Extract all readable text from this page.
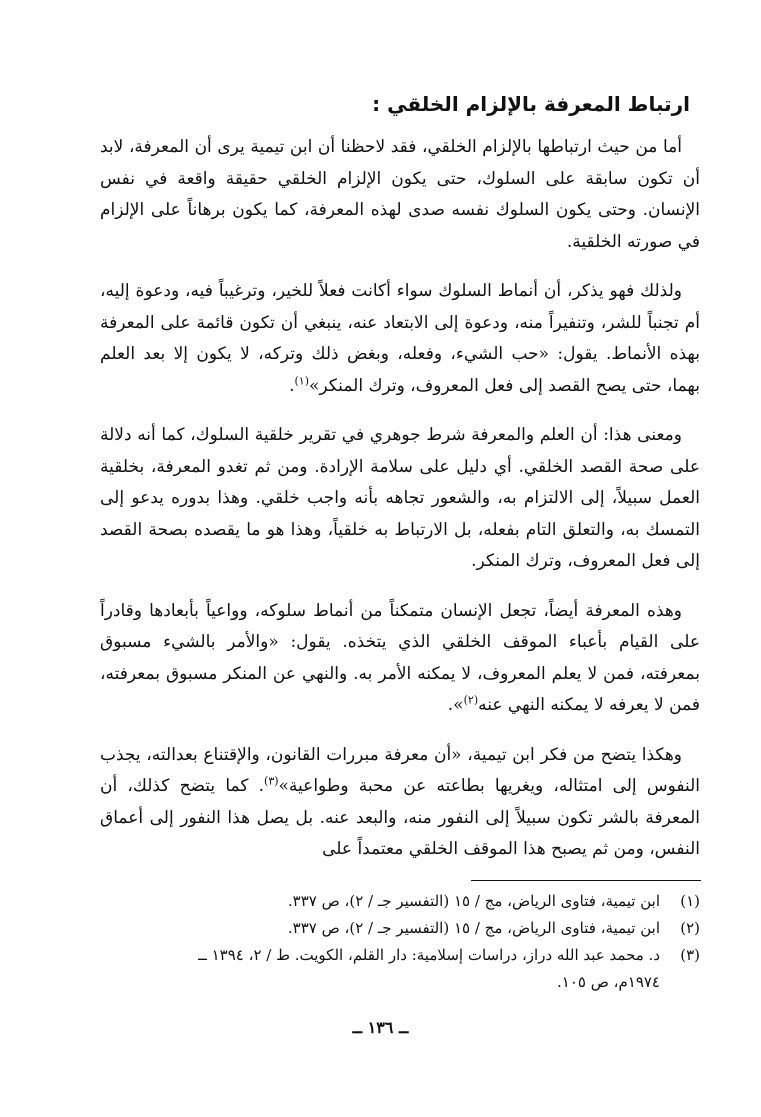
ارتباط المعرفة بالإلزام الخلقي :

أما من حيث ارتباطها بالإلزام الخلقي، فقد لاحظنا أن ابن تيمية يرى أن المعرفة، لابد أن تكون سابقة على السلوك، حتى يكون الإلزام الخلقي حقيقة واقعة في نفس الإنسان. وحتى يكون السلوك نفسه صدى لهذه المعرفة، كما يكون برهاناً على الإلزام في صورته الخلقية.

ولذلك فهو يذكر، أن أنماط السلوك سواء أكانت فعلاً للخير، وترغيباً فيه، ودعوة إليه، أم تجنباً للشر، وتنفيراً منه، ودعوة إلى الابتعاد عنه، ينبغي أن تكون قائمة على المعرفة بهذه الأنماط. يقول: «حب الشيء، وفعله، وبغض ذلك وتركه، لا يكون إلا بعد العلم بهما، حتى يصح القصد إلى فعل المعروف، وترك المنكر»$^{(١)}$.

ومعنى هذا: أن العلم والمعرفة شرط جوهري في تقرير خلقية السلوك، كما أنه دلالة على صحة القصد الخلقي. أي دليل على سلامة الإرادة. ومن ثم تغدو المعرفة، بخلقية العمل سبيلاً، إلى الالتزام به، والشعور تجاهه بأنه واجب خلقي. وهذا بدوره يدعو إلى التمسك به، والتعلق التام بفعله، بل الارتباط به خلقياً، وهذا هو ما يقصده بصحة القصد إلى فعل المعروف، وترك المنكر.

وهذه المعرفة أيضاً، تجعل الإنسان متمكناً من أنماط سلوكه، وواعياً بأبعادها وقادراً على القيام بأعباء الموقف الخلقي الذي يتخذه. يقول: «والأمر بالشيء مسبوق بمعرفته، فمن لا يعلم المعروف، لا يمكنه الأمر به. والنهي عن المنكر مسبوق بمعرفته، فمن لا يعرفه لا يمكنه النهي عنه$^{(٢)}$».

وهكذا يتضح من فكر ابن تيمية، «أن معرفة مبررات القانون، والإقتناع بعدالته، يجذب النفوس إلى امتثاله، ويغريها بطاعته عن محبة وطواعية»$^{(٣)}$. كما يتضح كذلك، أن المعرفة بالشر تكون سبيلاً إلى النفور منه، والبعد عنه. بل يصل هذا النفور إلى أعماق النفس، ومن ثم يصبح هذا الموقف الخلقي معتمداً على

(١)
ابن تيمية، فتاوى الرياض، مج / ١٥ (التفسير جـ / ٢)، ص ٣٣٧.
(٢)
ابن تيمية، فتاوى الرياض، مج / ١٥ (التفسير جـ / ٢)، ص ٣٣٧.
(٣)
د. محمد عبد الله دراز، دراسات إسلامية: دار القلم، الكويت. ط / ٢، ١٣٩٤ ــ
١٩٧٤م، ص ١٠٥.
ــ ١٣٦ ــ
